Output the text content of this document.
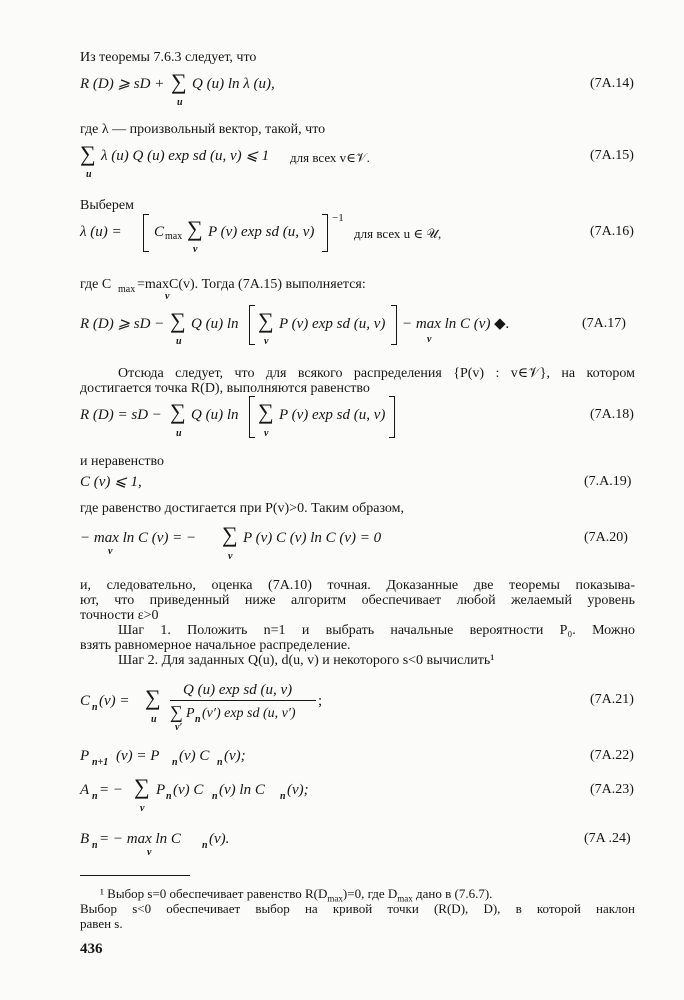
Из теоремы 7.6.3 следует, что
R (D) ⩾ sD + ∑
u
Q (u) ln λ (u),	(7A.14)
где λ — произвольный вектор, такой, что
∑
u
λ (u) Q (u) exp sd (u, v) ⩽ 1 для всех v∈𝒱.	(7A.15)
Выберем
λ (u) = C max ∑
v
P (v) exp sd (u, v)
−1
для всех u ∈ 𝒰,	(7A.16)
где C max =maxC(v). Тогда (7A.15) выполняется:
v
R (D) ⩾ sD − ∑
u
Q (u) ln ∑
v
P (v) exp sd (u, v) − max ln C (v) ◆.
v
(7A.17)
Отсюда следует, что для всякого распределения {P(v) : v∈𝒱}, на котором
достигается точка R(D), выполняются равенство
R (D) = sD − ∑
u
Q (u) ln ∑
v
P (v) exp sd (u, v)	(7A.18)
и неравенство
C (v) ⩽ 1,	(7.A.19)
где равенство достигается при P(v)>0. Таким образом,
− max ln C (v) = −
v
∑
v
P (v) C (v) ln C (v) = 0	(7A.20)
и, следовательно, оценка (7A.10) точная. Доказанные две теоремы показыва-
ют, что приведенный ниже алгоритм обеспечивает любой желаемый уровень
точности ε>0
Шаг 1. Положить n=1 и выбрать начальные вероятности P₀. Можно
взять равномерное начальное распределение.
Шаг 2. Для заданных Q(u), d(u, v) и некоторого s<0 вычислить¹
C n (v) = ∑
u
Q (u) exp sd (u, v)
∑
v′
P n (v′) exp sd (u, v′)
;	(7A.21)
P n+1 (v) = P n (v) C n (v);	(7A.22)
A n = − ∑
v
P n (v) C n (v) ln C n (v);	(7A.23)
B n = − max ln C n (v).
v
(7A .24)
¹ Выбор s=0 обеспечивает равенство $R(D_{max})=0$, где $D_{max}$ дано в (7.6.7).
Выбор s<0 обеспечивает выбор на кривой точки (R(D), D), в которой наклон
равен s.
436
